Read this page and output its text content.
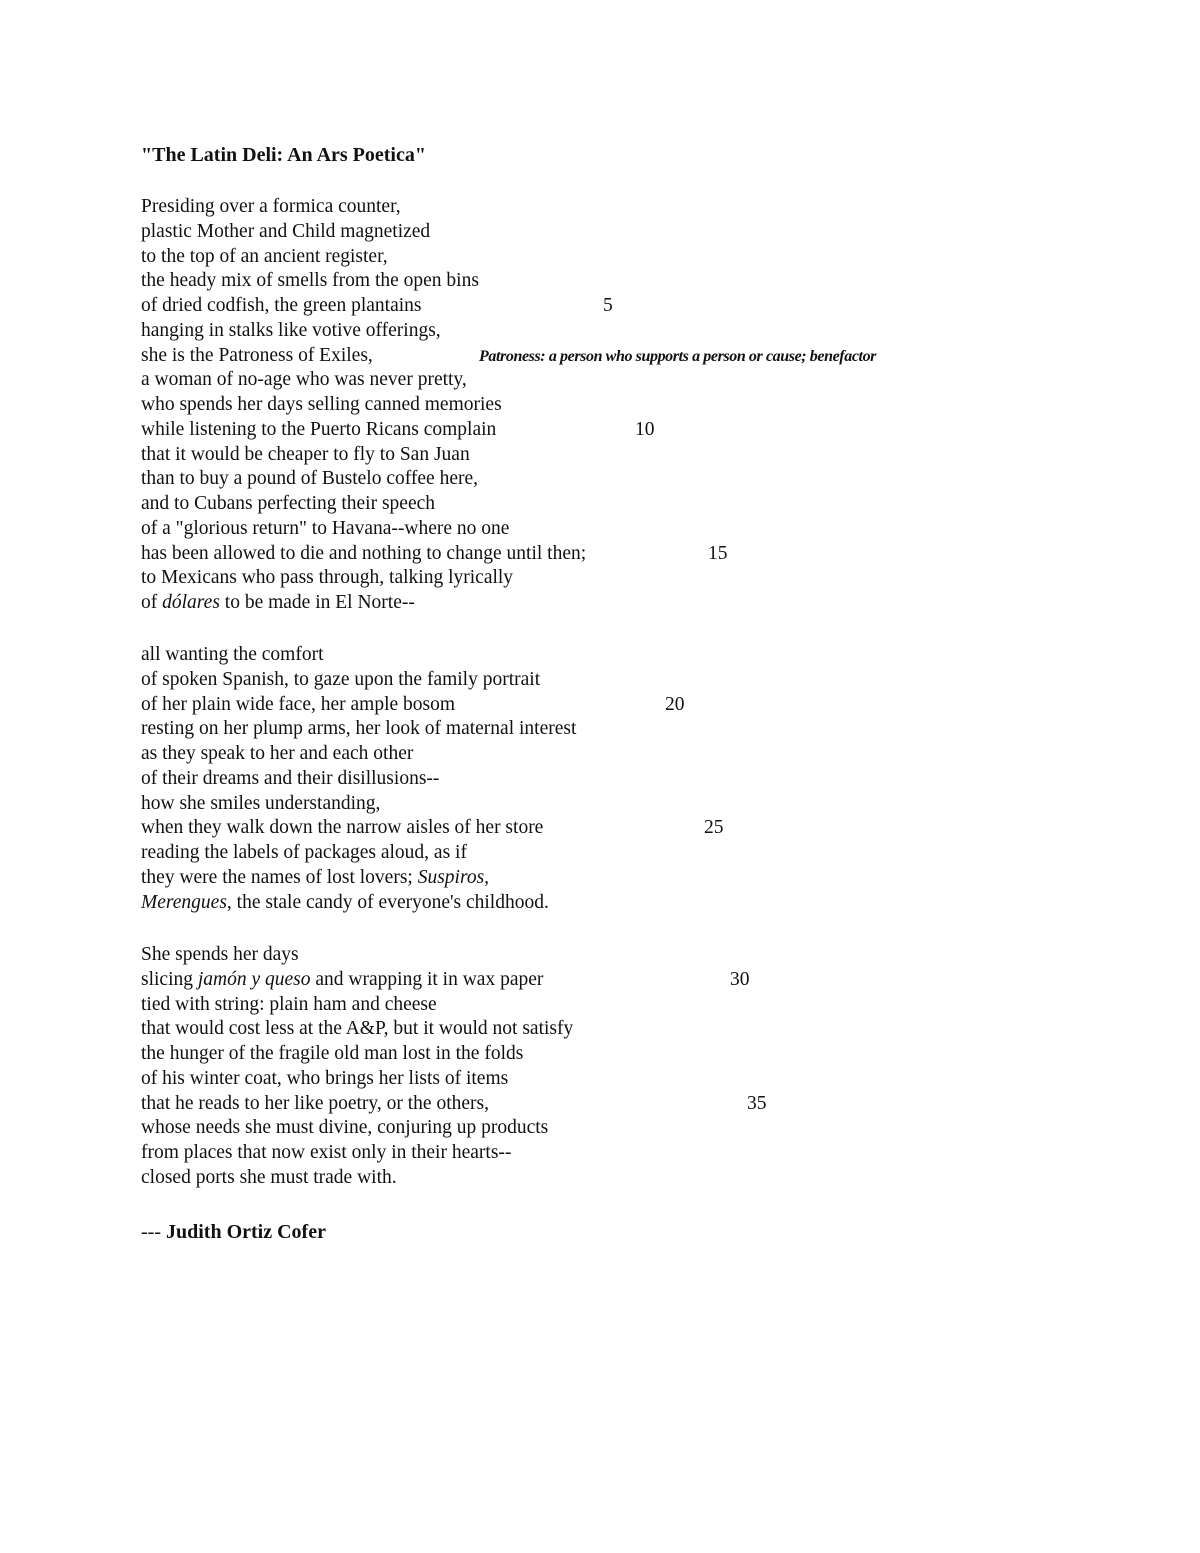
"The Latin Deli: An Ars Poetica"
Presiding over a formica counter,
plastic Mother and Child magnetized
to the top of an ancient register,
the heady mix of smells from the open bins
of dried codfish, the green plantains	5
hanging in stalks like votive offerings,
she is the Patroness of Exiles,	Patroness: a person who supports a person or cause; benefactor
a woman of no-age who was never pretty,
who spends her days selling canned memories
while listening to the Puerto Ricans complain	10
that it would be cheaper to fly to San Juan
than to buy a pound of Bustelo coffee here,
and to Cubans perfecting their speech
of a "glorious return" to Havana--where no one
has been allowed to die and nothing to change until then;	15
to Mexicans who pass through, talking lyrically
of dólares to be made in El Norte--
all wanting the comfort
of spoken Spanish, to gaze upon the family portrait
of her plain wide face, her ample bosom	20
resting on her plump arms, her look of maternal interest
as they speak to her and each other
of their dreams and their disillusions--
how she smiles understanding,
when they walk down the narrow aisles of her store	25
reading the labels of packages aloud, as if
they were the names of lost lovers; Suspiros,
Merengues, the stale candy of everyone's childhood.
She spends her days
slicing jamón y queso and wrapping it in wax paper	30
tied with string: plain ham and cheese
that would cost less at the A&P, but it would not satisfy
the hunger of the fragile old man lost in the folds
of his winter coat, who brings her lists of items
that he reads to her like poetry, or the others,	35
whose needs she must divine, conjuring up products
from places that now exist only in their hearts--
closed ports she must trade with.
--- Judith Ortiz Cofer
